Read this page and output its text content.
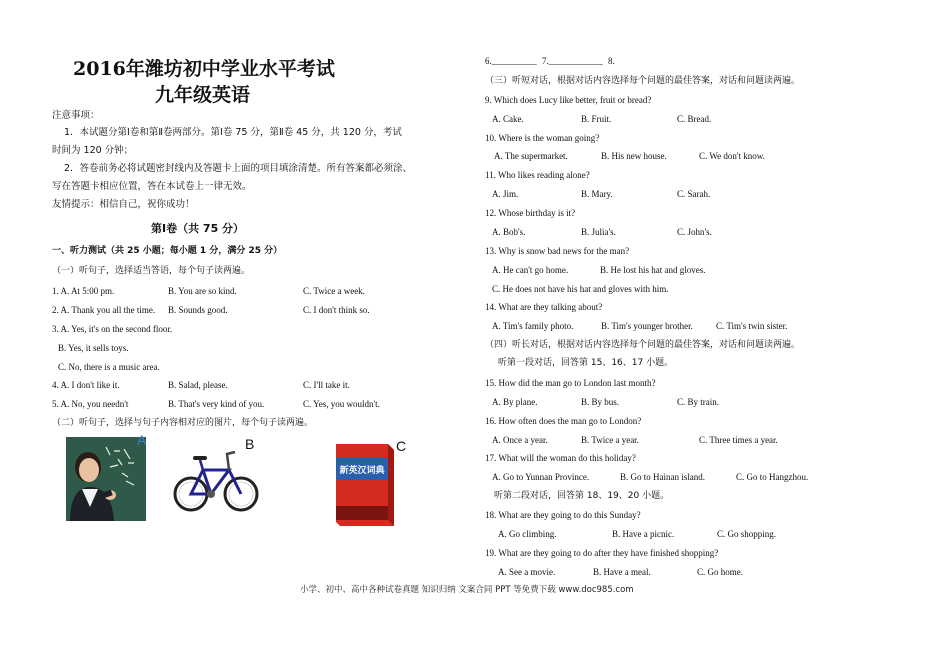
2016年潍坊初中学业水平考试
九年级英语
注意事项：
1．本试题分第Ⅰ卷和第Ⅱ卷两部分。第Ⅰ卷 75 分，第Ⅱ卷 45 分，共 120 分，考试
时间为 120 分钟；
2．答卷前务必将试题密封线内及答题卡上面的项目填涂清楚。所有答案都必须涂、
写在答题卡相应位置，答在本试卷上一律无效。
友情提示：相信自己，祝你成功！
第Ⅰ卷（共 75 分）
一、听力测试（共 25 小题；每小题 1 分，满分 25 分）
（一）听句子，选择适当答语，每个句子读两遍。
1. A. At 5:00 pm.	B. You are so kind.	C. Twice a week.
2. A. Thank you all the time. B. Sounds good.	C. I don't think so.
3. A. Yes, it's on the second floor.
B. Yes, it sells toys.
C. No, there is a music area.
4. A. I don't like it.	B. Salad, please.	C. I'll take it.
5. A. No, you needn't	B. That's very kind of you.	C. Yes, you wouldn't.
（二）听句子，选择与句子内容相对应的图片，每个句子读两遍。
A	B
新英汉词典
C
6.__________ 7.____________ 8.
（三）听短对话，根据对话内容选择每个问题的最佳答案，对话和问题读两遍。
9. Which does Lucy like better, fruit or bread?
A. Cake.	B. Fruit.	C. Bread.
10. Where is the woman going?
A. The supermarket.	B. His new house.	C. We don't know.
11. Who likes reading alone?
A. Jim.	B. Mary.	C. Sarah.
12. Whose birthday is it?
A. Bob's.	B. Julia's.	C. John's.
13. Why is snow bad news for the man?
A. He can't go home.	B. He lost his hat and gloves.
C. He does not have his hat and gloves with him.
14. What are they talking about?
A. Tim's family photo.	B. Tim's younger brother.	C. Tim's twin sister.
（四）听长对话，根据对话内容选择每个问题的最佳答案，对话和问题读两遍。
听第一段对话，回答第 15、16、17 小题。
15. How did the man go to London last month?
A. By plane.	B. By bus.	C. By train.
16. How often does the man go to London?
A. Once a year.	B. Twice a year.	C. Three times a year.
17. What will the woman do this holiday?
A. Go to Yunnan Province.	B. Go to Hainan island.	C. Go to Hangzhou.
听第二段对话，回答第 18、19、20 小题。
18. What are they going to do this Sunday?
A. Go climbing.	B. Have a picnic.	C. Go shopping.
19. What are they going to do after they have finished shopping?
A. See a movie.	B. Have a meal.	C. Go home.
小学、初中、高中各种试卷真题 知识归纳 文案合同 PPT 等免费下载 www.doc985.com
